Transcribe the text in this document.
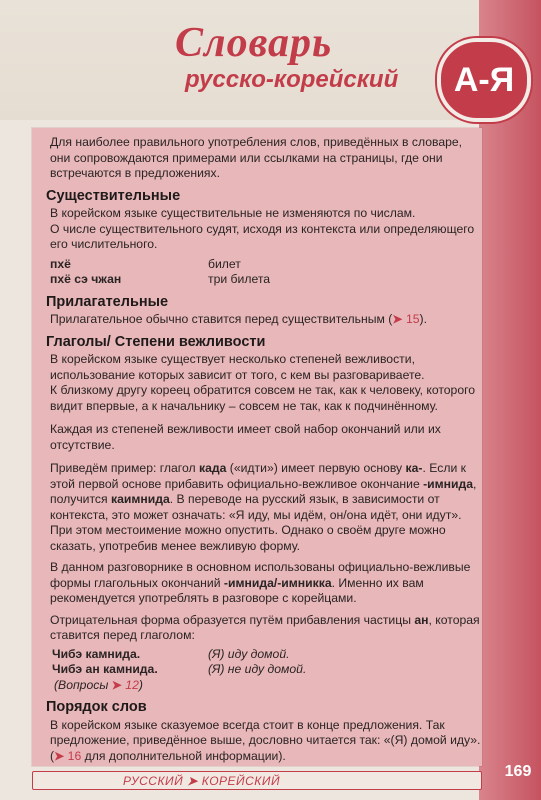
Словарь
русско-корейский	А-Я

Для наиболее правильного употребления слов, приведённых в словаре, они сопровождаются примерами или ссылками на страницы, где они встречаются в предложениях.

Существительные

В корейском языке существительные не изменяются по числам.

О числе существительного судят, исходя из контекста или определяющего его числительного.

пхё	билет
пхё сэ чжан	три билета
Прилагательные

Прилагательное обычно ставится перед существительным (➤ 15).

Глаголы/ Степени вежливости

В корейском языке существует несколько степеней вежливости, использование которых зависит от того, с кем вы разговариваете.

К близкому другу кореец обратится совсем не так, как к человеку, которого видит впервые, а к начальнику – совсем не так, как к подчинённому.

Каждая из степеней вежливости имеет свой набор окончаний или их отсутствие.

Приведём пример: глагол када («идти») имеет первую основу ка-. Если к этой первой основе прибавить официально-вежливое окончание -имнида, получится каимнида. В переводе на русский язык, в зависимости от контекста, это может означать: «Я иду, мы идём, он/она идёт, они идут». При этом местоимение можно опустить. Однако о своём друге можно сказать, употребив менее вежливую форму.

В данном разговорнике в основном использованы официально-вежливые формы глагольных окончаний -имнида/-имникка. Именно их вам рекомендуется употреблять в разговоре с корейцами.

Отрицательная форма образуется путём прибавления частицы ан, которая ставится перед глаголом:

Чибэ камнида.	(Я) иду домой.
Чибэ ан камнида.	(Я) не иду домой.

(Вопросы ➤ 12)

Порядок слов

В корейском языке сказуемое всегда стоит в конце предложения. Так предложение, приведённое выше, дословно читается так: «(Я) домой иду». (➤ 16 для дополнительной информации).

РУССКИЙ ➤ КОРЕЙСКИЙ
169
